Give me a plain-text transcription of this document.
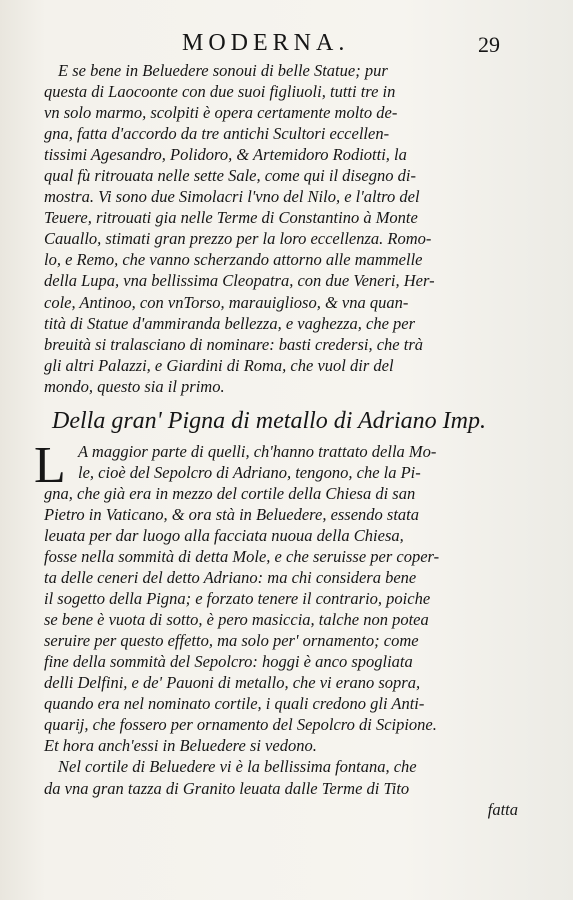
MODERNA.	29
E se bene in Beluedere sonoui di belle Statue; pur
questa di Laocoonte con due suoi figliuoli, tutti tre in
vn solo marmo, scolpiti è opera certamente molto de-
gna, fatta d'accordo da tre antichi Scultori eccellen-
tissimi Agesandro, Polidoro, & Artemidoro Rodiotti, la
qual fù ritrouata nelle sette Sale, come qui il disegno di-
mostra. Vi sono due Simolacri l'vno del Nilo, e l'altro del
Teuere, ritrouati gia nelle Terme di Constantino à Monte
Cauallo, stimati gran prezzo per la loro eccellenza. Romo-
lo, e Remo, che vanno scherzando attorno alle mammelle
della Lupa, vna bellissima Cleopatra, con due Veneri, Her-
cole, Antinoo, con vnTorso, marauiglioso, & vna quan-
tità di Statue d'ammiranda bellezza, e vaghezza, che per
breuità si tralasciano di nominare: basti credersi, che trà
gli altri Palazzi, e Giardini di Roma, che vuol dir del
mondo, questo sia il primo.
Della gran' Pigna di metallo di Adriano Imp.
L A maggior parte di quelli, ch'hanno trattato della Mo-
le, cioè del Sepolcro di Adriano, tengono, che la Pi-
gna, che già era in mezzo del cortile della Chiesa di san
Pietro in Vaticano, & ora stà in Beluedere, essendo stata
leuata per dar luogo alla facciata nuoua della Chiesa,
fosse nella sommità di detta Mole, e che seruisse per coper-
ta delle ceneri del detto Adriano: ma chi considera bene
il sogetto della Pigna; e forzato tenere il contrario, poiche
se bene è vuota di sotto, è pero masiccia, talche non potea
seruire per questo effetto, ma solo per' ornamento; come
fine della sommità del Sepolcro: hoggi è anco spogliata
delli Delfini, e de' Pauoni di metallo, che vi erano sopra,
quando era nel nominato cortile, i quali credono gli Anti-
quarij, che fossero per ornamento del Sepolcro di Scipione.
Et hora anch'essi in Beluedere si vedono.
Nel cortile di Beluedere vi è la bellissima fontana, che
da vna gran tazza di Granito leuata dalle Terme di Tito
fatta
